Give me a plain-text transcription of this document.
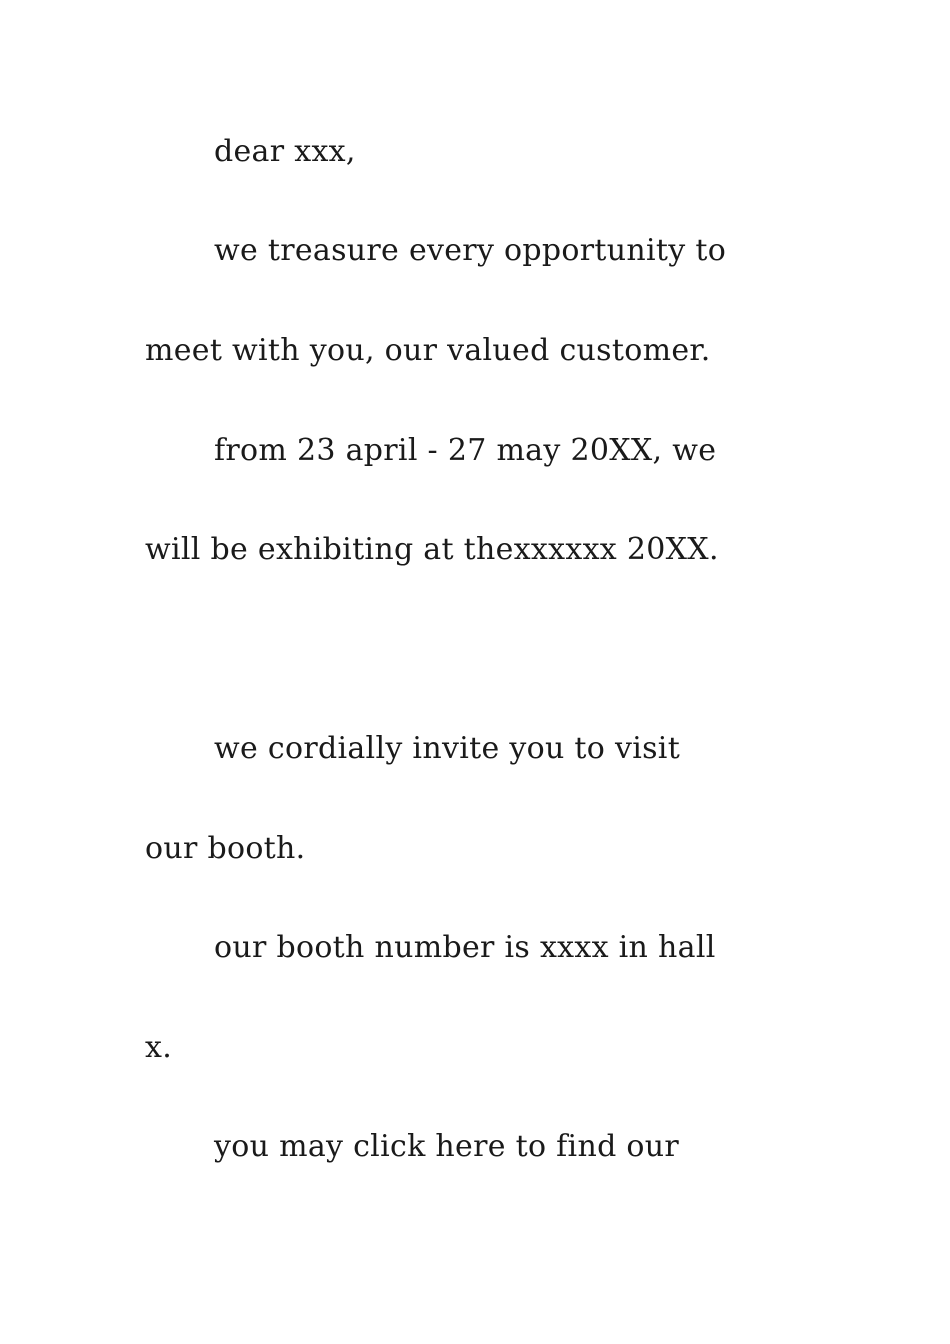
dear xxx,
we treasure every opportunity to
meet with you, our valued customer.
from 23 april - 27 may 20XX, we
will be exhibiting at thexxxxxx 20XX.
we cordially invite you to visit
our booth.
our booth number is xxxx in hall
x.
you may click here to find our
